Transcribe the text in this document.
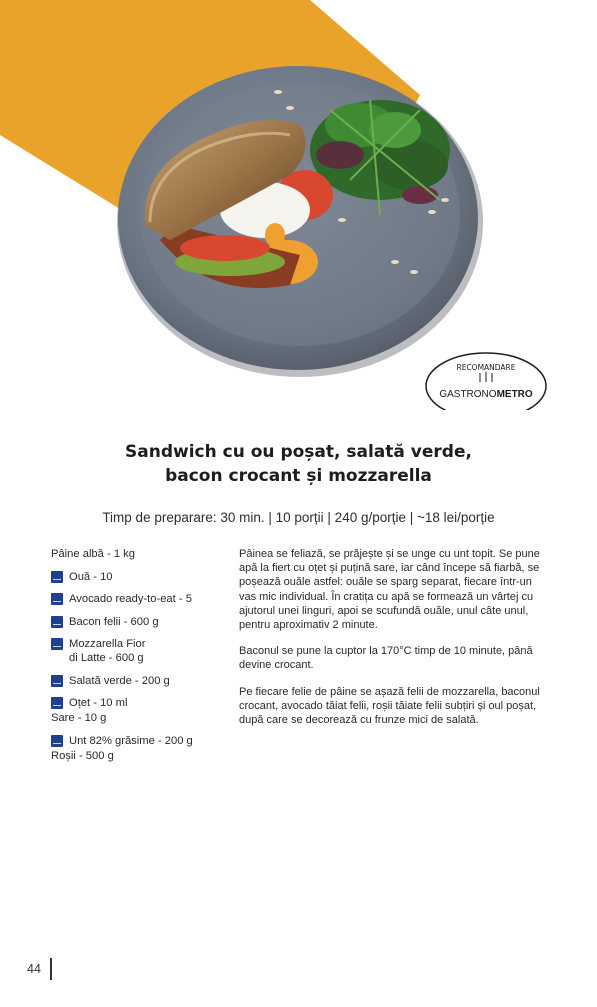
RECOMANDARE
GASTRONOMETRO
Sandwich cu ou poșat, salată verde,
bacon crocant și mozzarella
Timp de preparare: 30 min. | 10 porții | 240 g/porție | ~18 lei/porție
Pâine albă - 1 kg
Ouă - 10
Avocado ready-to-eat - 5
Bacon felii - 600 g
Mozzarella Fior
di Latte - 600 g
Salată verde - 200 g
Oțet - 10 ml
Sare - 10 g
Unt 82% grăsime - 200 g
Roșii - 500 g

Pâinea se feliază, se prăjește și se unge cu unt topit. Se pune apă la fiert cu oțet și puțină sare, iar când începe să fiarbă, se poșează ouăle astfel: ouăle se sparg separat, fiecare într-un vas mic individual. În cratița cu apă se formează un vârtej cu ajutorul unei linguri, apoi se scufundă ouăle, unul câte unul, pentru aproximativ 2 minute.

Baconul se pune la cuptor la 170°C timp de 10 minute, până devine crocant.

Pe fiecare felie de pâine se așază felii de mozzarella, baconul crocant, avocado tăiat felii, roșii tăiate felii subțiri și oul poșat, după care se decorează cu frunze mici de salată.

44
